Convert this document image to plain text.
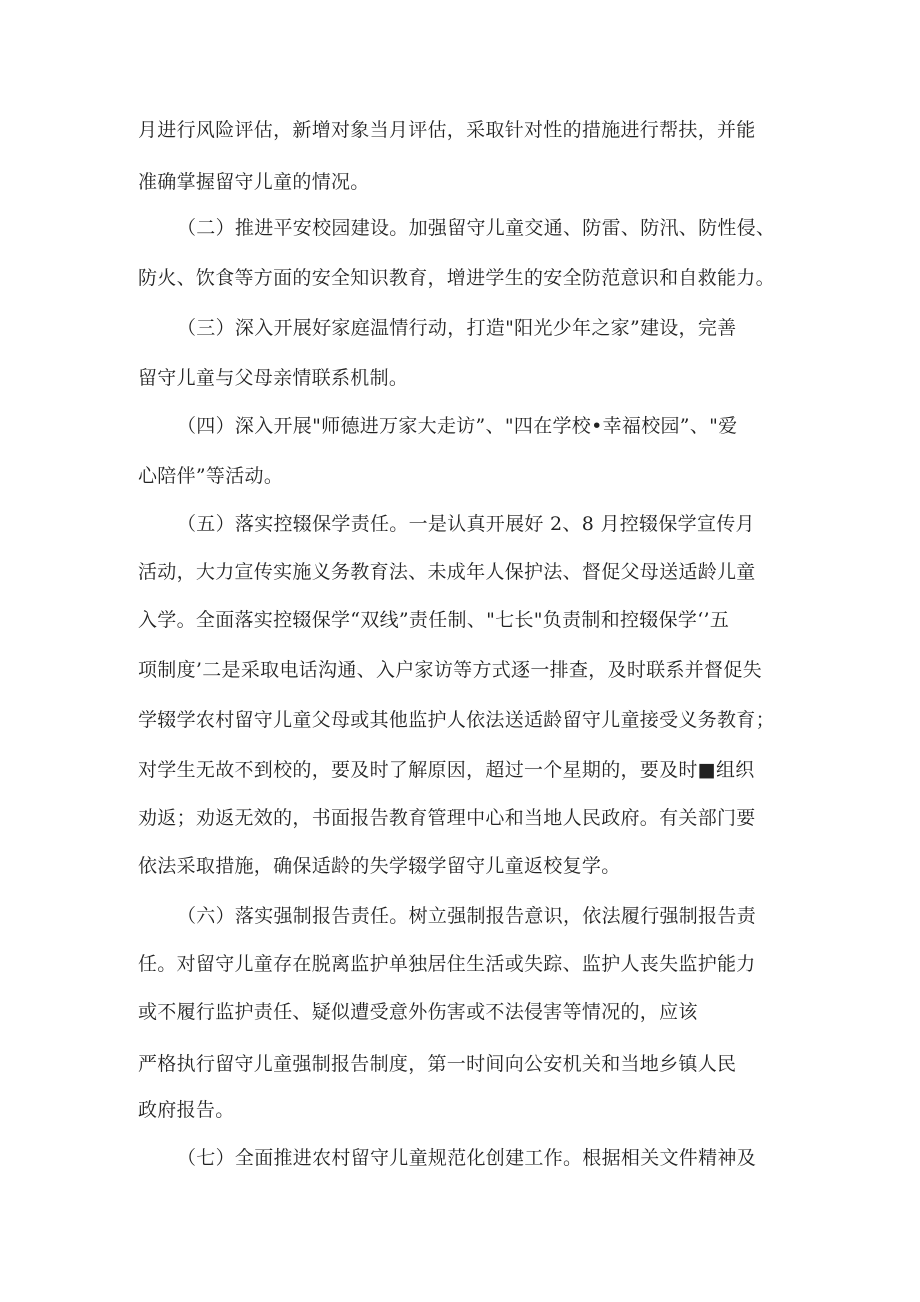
月进行风险评估，新增对象当月评估，采取针对性的措施进行帮扶，并能
准确掌握留守儿童的情况。
（二）推进平安校园建设。加强留守儿童交通、防雷、防汛、防性侵、
防火、饮食等方面的安全知识教育，增进学生的安全防范意识和自救能力。
（三）深入开展好家庭温情行动，打造"阳光少年之家”建设，完善
留守儿童与父母亲情联系机制。
（四）深入开展"师德进万家大走访”、"四在学校•幸福校园”、"爱
心陪伴”等活动。
（五）落实控辍保学责任。一是认真开展好 2、8 月控辍保学宣传月
活动，大力宣传实施义务教育法、未成年人保护法、督促父母送适龄儿童
入学。全面落实控辍保学“双线”责任制、"七长"负责制和控辍保学‘’五
项制度’二是采取电话沟通、入户家访等方式逐一排查，及时联系并督促失
学辍学农村留守儿童父母或其他监护人依法送适龄留守儿童接受义务教育；
对学生无故不到校的，要及时了解原因，超过一个星期的，要及时■组织
劝返；劝返无效的，书面报告教育管理中心和当地人民政府。有关部门要
依法采取措施，确保适龄的失学辍学留守儿童返校复学。
（六）落实强制报告责任。树立强制报告意识，依法履行强制报告责
任。对留守儿童存在脱离监护单独居住生活或失踪、监护人丧失监护能力
或不履行监护责任、疑似遭受意外伤害或不法侵害等情况的，应该
严格执行留守儿童强制报告制度，第一时间向公安机关和当地乡镇人民
政府报告。
（七）全面推进农村留守儿童规范化创建工作。根据相关文件精神及
